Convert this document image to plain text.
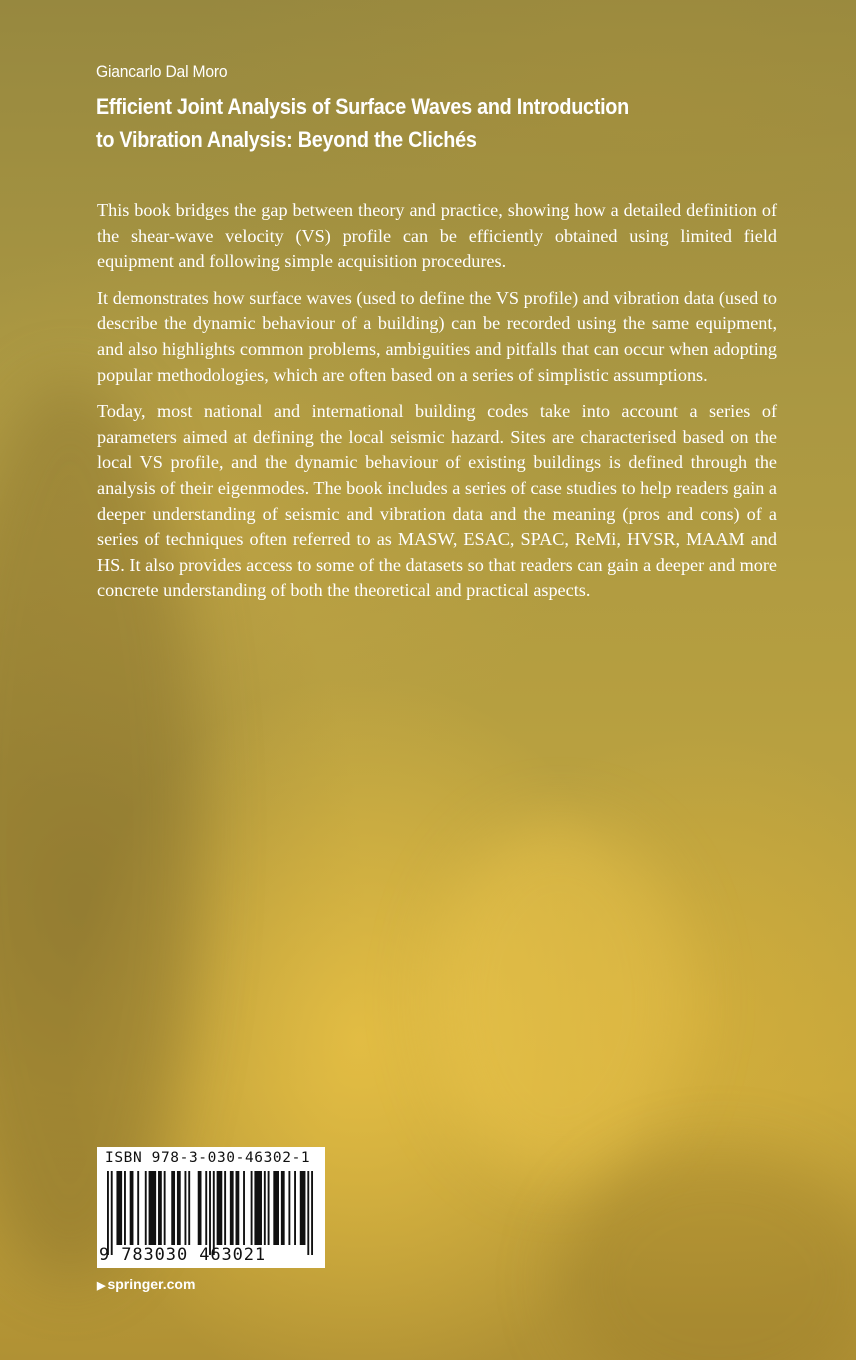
Giancarlo Dal Moro
Efficient Joint Analysis of Surface Waves and Introduction
to Vibration Analysis: Beyond the Clichés

This book bridges the gap between theory and practice, showing how a detailed definition of the shear-wave velocity (VS) profile can be efficiently obtained using limited field equipment and following simple acquisition procedures.

It demonstrates how surface waves (used to define the VS profile) and vibration data (used to describe the dynamic behaviour of a building) can be recorded using the same equipment, and also highlights common problems, ambiguities and pitfalls that can occur when adopting popular methodologies, which are often based on a series of simplistic assumptions.

Today, most national and international building codes take into account a series of parameters aimed at defining the local seismic hazard. Sites are characterised based on the local VS profile, and the dynamic behaviour of existing buildings is defined through the analysis of their eigenmodes. The book includes a series of case studies to help readers gain a deeper understanding of seismic and vibration data and the meaning (pros and cons) of a series of techniques often referred to as MASW, ESAC, SPAC, ReMi, HVSR, MAAM and HS. It also provides access to some of the datasets so that readers can gain a deeper and more concrete understanding of both the theoretical and practical aspects.

ISBN 978-3-030-46302-1
9 783030 463021
▶ springer.com
